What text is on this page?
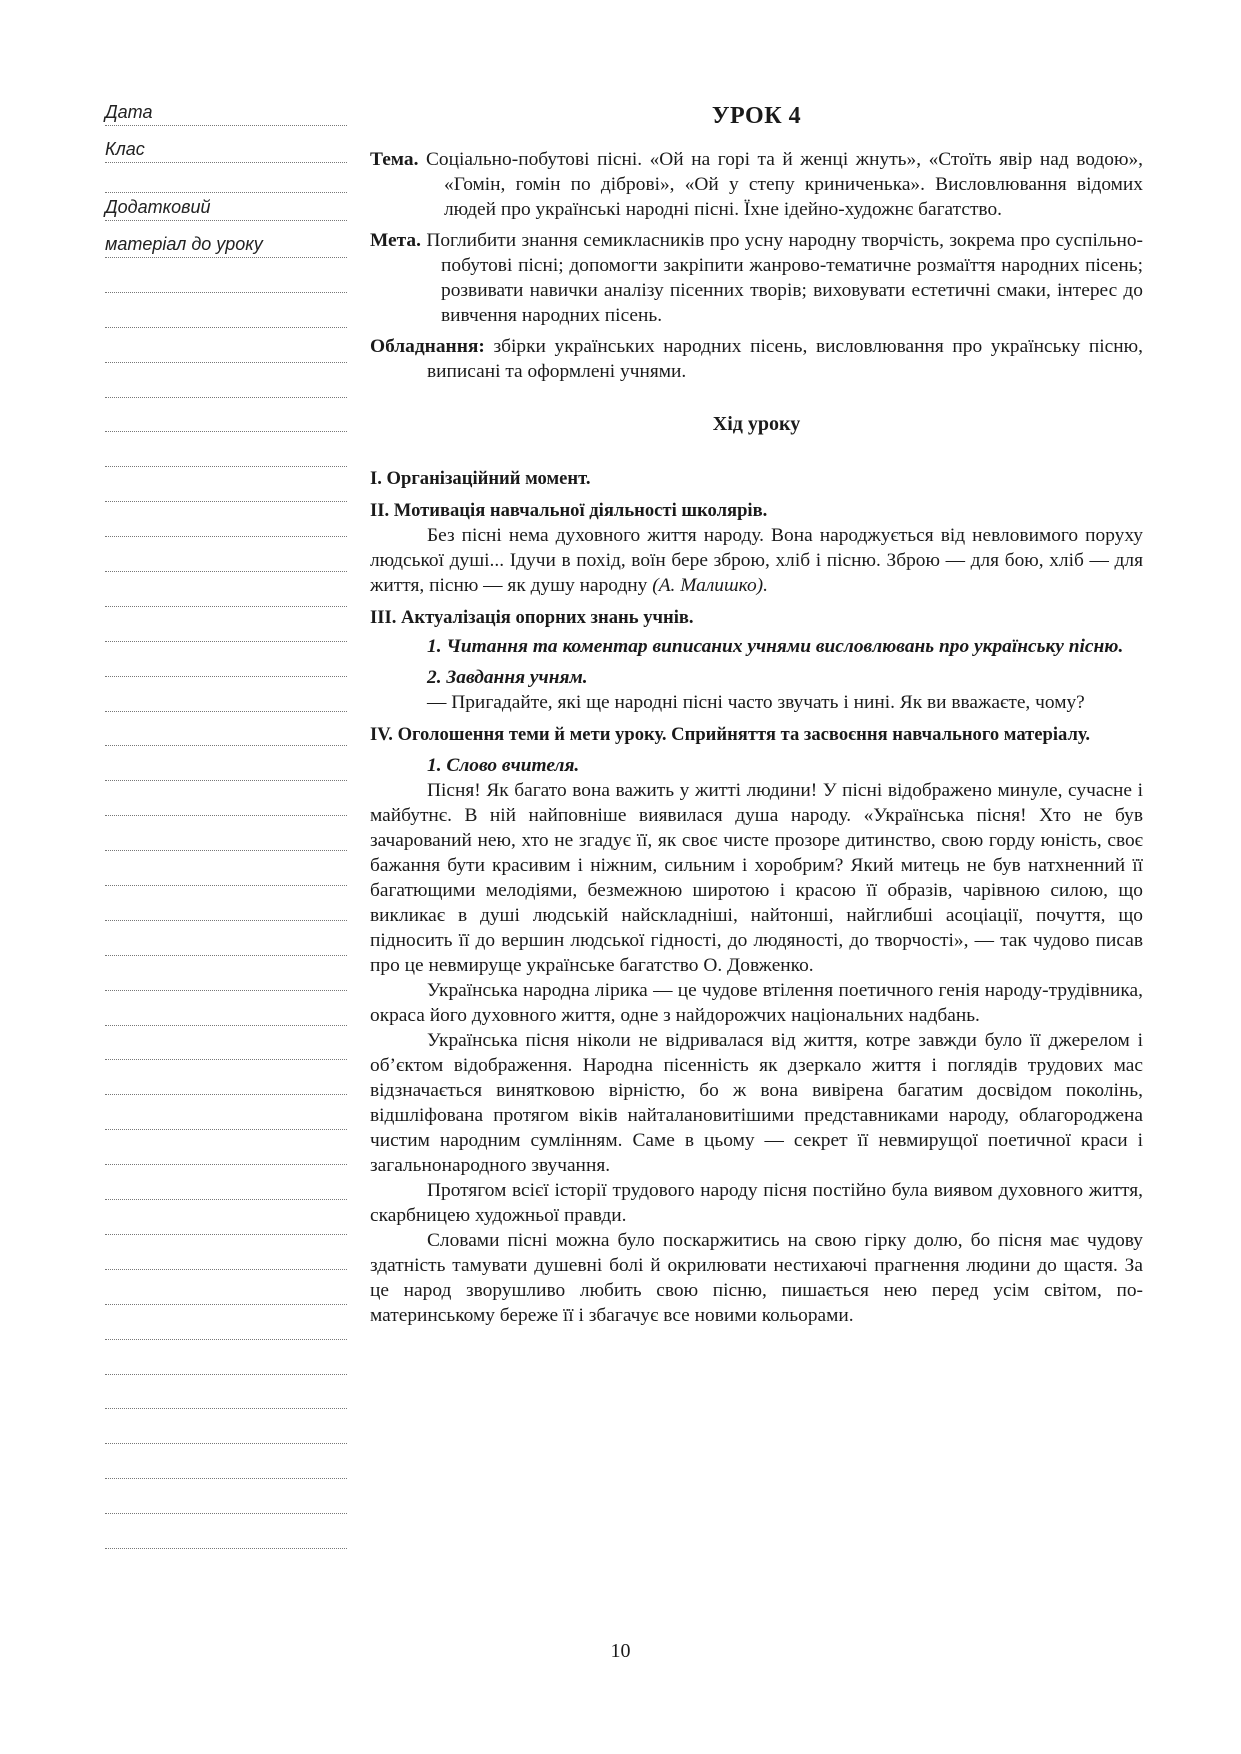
Дата
Клас
Додатковий
матеріал до уроку
УРОК 4

Тема. Соціально-побутові пісні. «Ой на горі та й женці жнуть», «Стоїть явір над водою», «Гомін, гомін по діброві», «Ой у степу криниченька». Висловлювання відомих людей про українські народні пісні. Їхне ідейно-художнє багатство.

Мета. Поглибити знання семикласників про усну народну творчість, зокрема про суспільно-побутові пісні; допомогти закріпити жанрово-тематичне розмаїття народних пісень; розвивати навички аналізу пісенних творів; виховувати естетичні смаки, інтерес до вивчення народних пісень.

Обладнання: збірки українських народних пісень, висловлювання про українську пісню, виписані та оформлені учнями.

Хід уроку

I. Організаційний момент.

II. Мотивація навчальної діяльності школярів.

Без пісні нема духовного життя народу. Вона народжується від невловимого поруху людської душі... Ідучи в похід, воїн бере зброю, хліб і пісню. Зброю — для бою, хліб — для життя, пісню — як душу народну (А. Малишко).

III. Актуалізація опорних знань учнів.

1. Читання та коментар виписаних учнями висловлювань про українську пісню.

2. Завдання учням.

— Пригадайте, які ще народні пісні часто звучать і нині. Як ви вважаєте, чому?

IV. Оголошення теми й мети уроку. Сприйняття та засвоєння навчального матеріалу.

1. Слово вчителя.

Пісня! Як багато вона важить у житті людини! У пісні відображено минуле, сучасне і майбутнє. В ній найповніше виявилася душа народу. «Українська пісня! Хто не був зачарований нею, хто не згадує її, як своє чисте прозоре дитинство, свою горду юність, своє бажання бути красивим і ніжним, сильним і хоробрим? Який митець не був натхненний її багатющими мелодіями, безмежною широтою і красою її образів, чарівною силою, що викликає в душі людській найскладніші, найтонші, найглибші асоціації, почуття, що підносить її до вершин людської гідності, до людяності, до творчості», — так чудово писав про це невмируще українське багатство О. Довженко.

Українська народна лірика — це чудове втілення поетичного генія народу-трудівника, окраса його духовного життя, одне з найдорожчих національних надбань.

Українська пісня ніколи не відривалася від життя, котре завжди було її джерелом і об’єктом відображення. Народна пісенність як дзеркало життя і поглядів трудових мас відзначається винятковою вірністю, бо ж вона вивірена багатим досвідом поколінь, відшліфована протягом віків найталановитішими представниками народу, облагороджена чистим народним сумлінням. Саме в цьому — секрет її невмирущої поетичної краси і загальнонародного звучання.

Протягом всієї історії трудового народу пісня постійно була виявом духовного життя, скарбницею художньої правди.

Словами пісні можна було поскаржитись на свою гірку долю, бо пісня має чудову здатність тамувати душевні болі й окрилювати нестихаючі прагнення людини до щастя. За це народ зворушливо любить свою пісню, пишається нею перед усім світом, по-материнському береже її і збагачує все новими кольорами.

10
